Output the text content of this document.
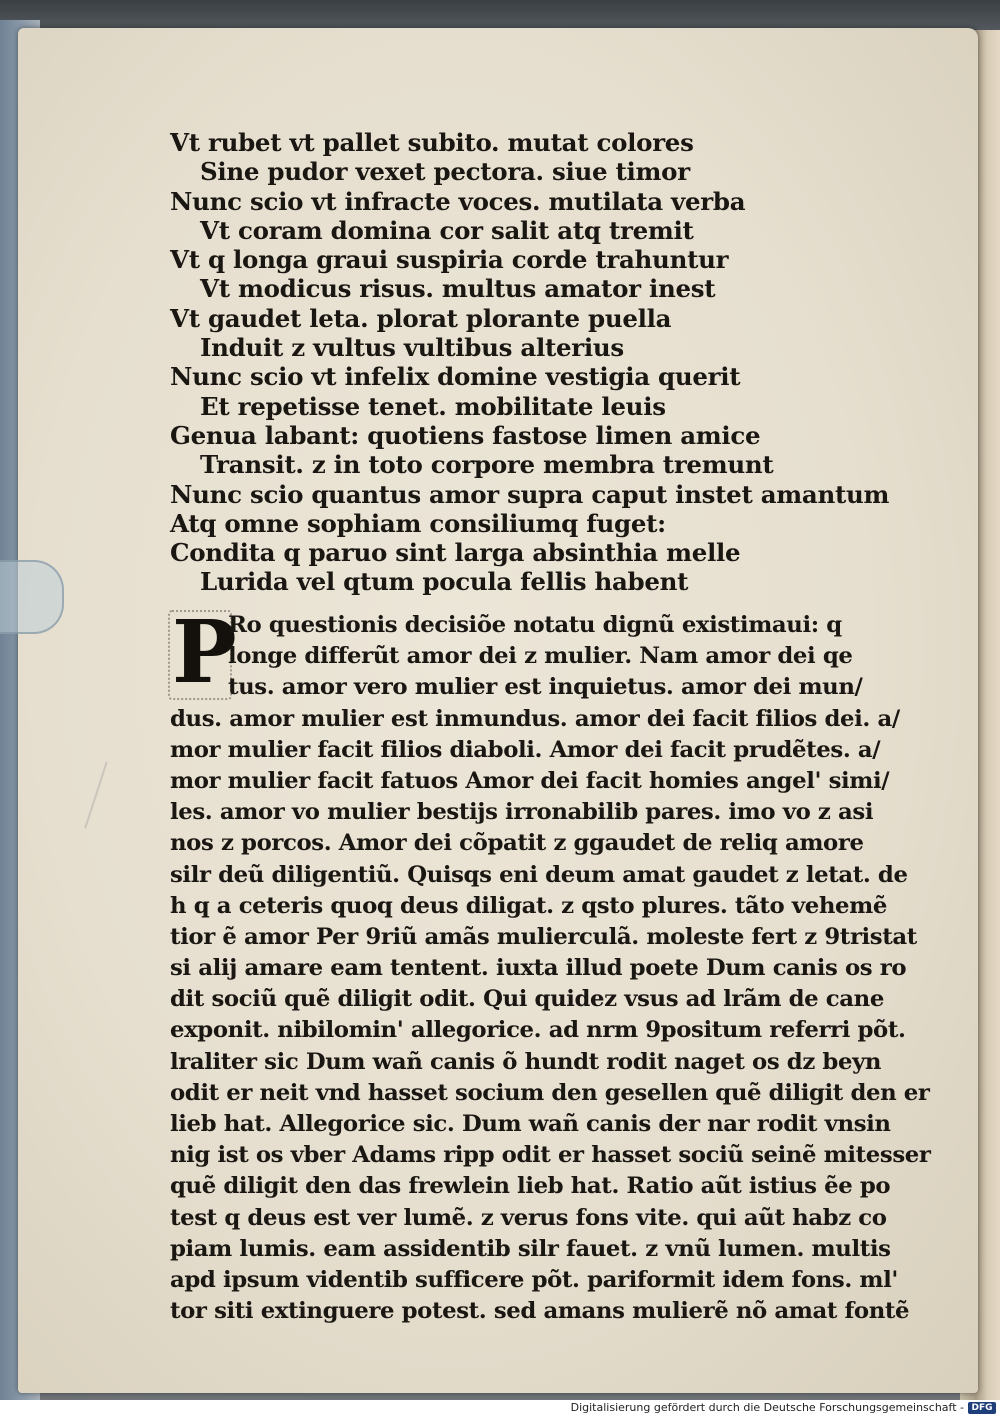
Vt rubet vt pallet subito. mutat colores
Sine pudor vexet pectora. siue timor
Nunc scio vt infracte voces. mutilata verba
Vt coram domina cor salit atq tremit
Vt q longa graui suspiria corde trahuntur
Vt modicus risus. multus amator inest
Vt gaudet leta. plorat plorante puella
Induit z vultus vultibus alterius
Nunc scio vt infelix domine vestigia querit
Et repetisse tenet. mobilitate leuis
Genua labant: quotiens fastose limen amice
Transit. z in toto corpore membra tremunt
Nunc scio quantus amor supra caput instet amantum
Atq omne sophiam consiliumq fuget:
Condita q paruo sint larga absinthia melle
Lurida vel qtum pocula fellis habent
P
Ro questionis decisiõe notatu dignũ existimaui: q
longe differũt amor dei z mulier. Nam amor dei qe
tus. amor vero mulier est inquietus. amor dei mun/
dus. amor mulier est inmundus. amor dei facit filios dei. a/
mor mulier facit filios diaboli. Amor dei facit prudẽtes. a/
mor mulier facit fatuos Amor dei facit homies angel' simi/
les. amor vo mulier bestijs irronabilib pares. imo vo z asi
nos z porcos. Amor dei cõpatit z ggaudet de reliq amore
silr deũ diligentiũ. Quisqs eni deum amat gaudet z letat. de
h q a ceteris quoq deus diligat. z qsto plures. tãto vehemẽ
tior ẽ amor Per 9riũ amãs mulierculã. moleste fert z 9tristat
si alij amare eam tentent. iuxta illud poete Dum canis os ro
dit sociũ quẽ diligit odit. Qui quidez vsus ad lrãm de cane
exponit. nibilomin' allegorice. ad nrm 9positum referri põt.
lraliter sic Dum wañ canis õ hundt rodit naget os dz beyn
odit er neit vnd hasset socium den gesellen quẽ diligit den er
lieb hat. Allegorice sic. Dum wañ canis der nar rodit vnsin
nig ist os vber Adams ripp odit er hasset sociũ seinẽ mitesser
quẽ diligit den das frewlein lieb hat. Ratio aũt istius ẽe po
test q deus est ver lumẽ. z verus fons vite. qui aũt habz co
piam lumis. eam assidentib silr fauet. z vnũ lumen. multis
apd ipsum videntib sufficere põt. pariformit idem fons. ml'
tor siti extinguere potest. sed amans mulierẽ nõ amat fontẽ
Digitalisierung gefördert durch die Deutsche Forschungsgemeinschaft - DFG
